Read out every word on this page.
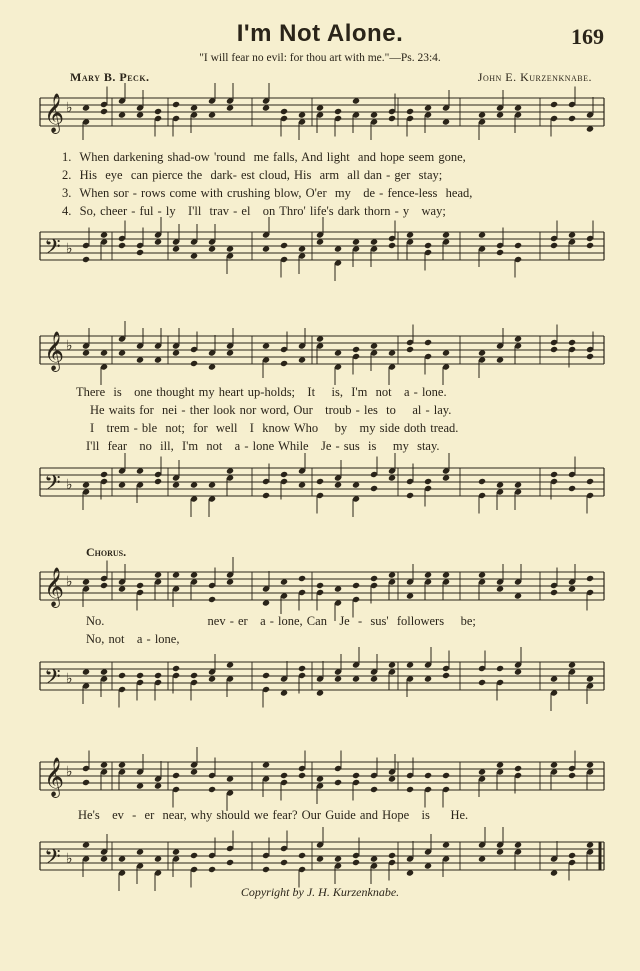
I'm Not Alone.	169
"I will fear no evil: for thou art with me."—Ps. 23:4.
Mary B. Peck.	John E. Kurzenknabe.
𝄞 ♭
1.  When darkening shad-ow 'round  me falls, And light  and hope seem gone,
2.  His  eye  can pierce the  dark- est cloud, His  arm  all dan - ger  stay;
3.  When sor - rows come with crushing blow, O'er  my   de - fence-less  head,
4.  So, cheer - ful - ly   I'll  trav - el   on Thro' life's dark thorn - y   way;
𝄢 ♭
𝄞 ♭
There  is   one thought my heart up-holds;   It    is,  I'm  not   a - lone.
He waits for  nei - ther look nor word, Our   troub - les  to    al - lay.
I   trem - ble  not;  for  well   I  know Who    by   my side doth tread.
I'll  fear   no  ill,  I'm  not   a - lone While   Je - sus  is    my  stay.
𝄢 ♭
Chorus.
𝄞 ♭
No.                         nev - er   a - lone, Can   Je  -  sus'  followers    be;
No, not   a - lone,
𝄢 ♭
𝄞 ♭
He's   ev  -  er  near, why should we fear? Our Guide and Hope   is     He.
𝄢 ♭
Copyright by J. H. Kurzenknabe.
